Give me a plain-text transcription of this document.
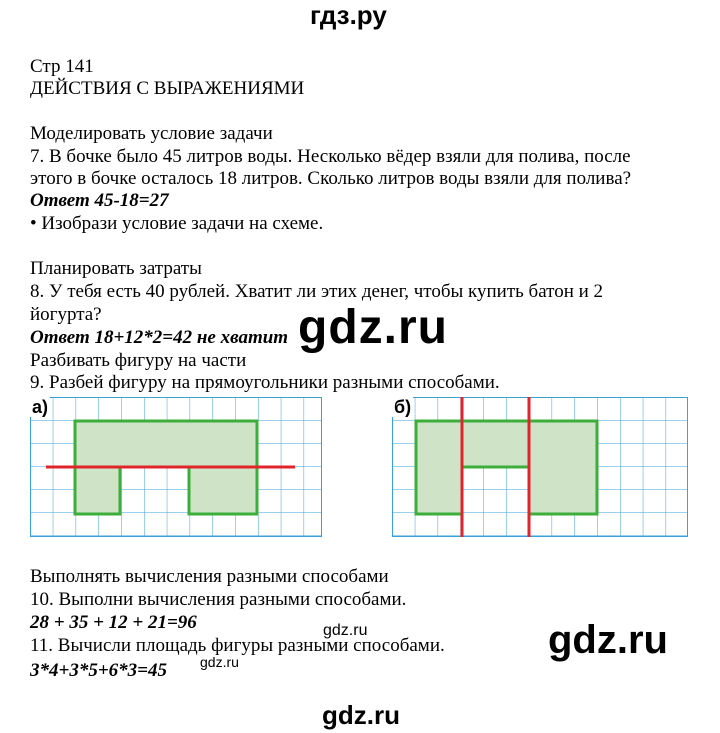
гдз.ру
Стр 141
ДЕЙСТВИЯ С ВЫРАЖЕНИЯМИ
Моделировать условие задачи
7. В бочке было 45 литров воды. Несколько вёдер взяли для полива, после
этого в бочке осталось 18 литров. Сколько литров воды взяли для полива?
Ответ 45-18=27
• Изобрази условие задачи на схеме.
Планировать затраты
8. У тебя есть 40 рублей. Хватит ли этих денег, чтобы купить батон и 2
йогурта?
Ответ 18+12*2=42 не хватит gdz.ru
Разбивать фигуру на части
9. Разбей фигуру на прямоугольники разными способами.
а)	б)
Выполнять вычисления разными способами
10. Выполни вычисления разными способами.
28 + 35 + 12 + 21=96	gdz.ru
11. Вычисли площадь фигуры разными способами.
gdz.ru
3*4+3*5+6*3=45
gdz.ru
gdz.ru
